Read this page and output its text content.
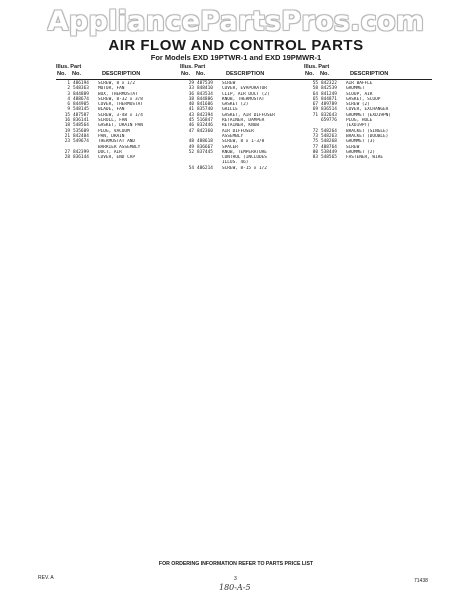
AppliancePartsPros.com
AIR FLOW AND CONTROL PARTS
For Models EXD 19PTWR-1 and EXD 19PMWR-1
Illus. Part
No. No.	DESCRIPTION
1 486194	SCREW, 8 x 1/2
2 548363	MOTOR, FAN
3 844889	BOX, THERMOSTAT
4 488674	SCREW, 8-32 x 3/8
6 844905	COVER, THERMOSTAT
9 548145	BLADE, FAN
15 487587	SCREW, 3-48 x 1/4
16 836141	SCROLL, FAN
18 548564	GASKET, DRAIN PAN
19 535609	PLUG, VACUUM
21 842404	PAN, DRAIN
23 549674	THERMOSTAT AND
BARRIER ASSEMBLY
27 842399	DUCT, AIR
28 836144	COVER, END CAP
Illus. Part
No. No.	DESCRIPTION
29 487539	SCREW
33 848410	COVER, EVAPORATOR
36 843534	CLIP, AIR DUCT (2)
38 844886	KNOB, THERMOSTAT
40 841606	GASKET (2)
41 835740	GRILLE
43 842394	GASKET, AIR DIFFUSER
45 516847	RETAINER, DAMPER
46 832446	RETAINER, KNOB
47 842360	AIR DIFFUSER
ASSEMBLY
48 488618	SCREW, 8 x 1-3/8
49 836667	SPACER
52 837445	KNOB, TEMPERATURE
CONTROL (INCLUDES
ILLUS. 46)
54 486214	SCREW, 8-15 x 1/2
Illus. Part
No. No.	DESCRIPTION
55 842322	AIR BAFFLE
58 842539	GROMMET
64 841249	SCOOP, AIR
65 844871	GASKET, SCOOP
67 489789	SCREW (2)
69 836514	COVER, EXCHANGER
71 832643	GROMMET (EXD19PN)
659776	PLUG, HOLE
(EXD19PT)
72 548264	BRACKET (SINGLE)
73 548263	BRACKET (DOUBLE)
75 548268	GROMMET (3)
77 488764	SCREW
80 538449	GROMMET (2)
83 548565	FASTENER, WIRE
FOR ORDERING INFORMATION REFER TO PARTS PRICE LIST
REV. A	3	71438
180-A-5
